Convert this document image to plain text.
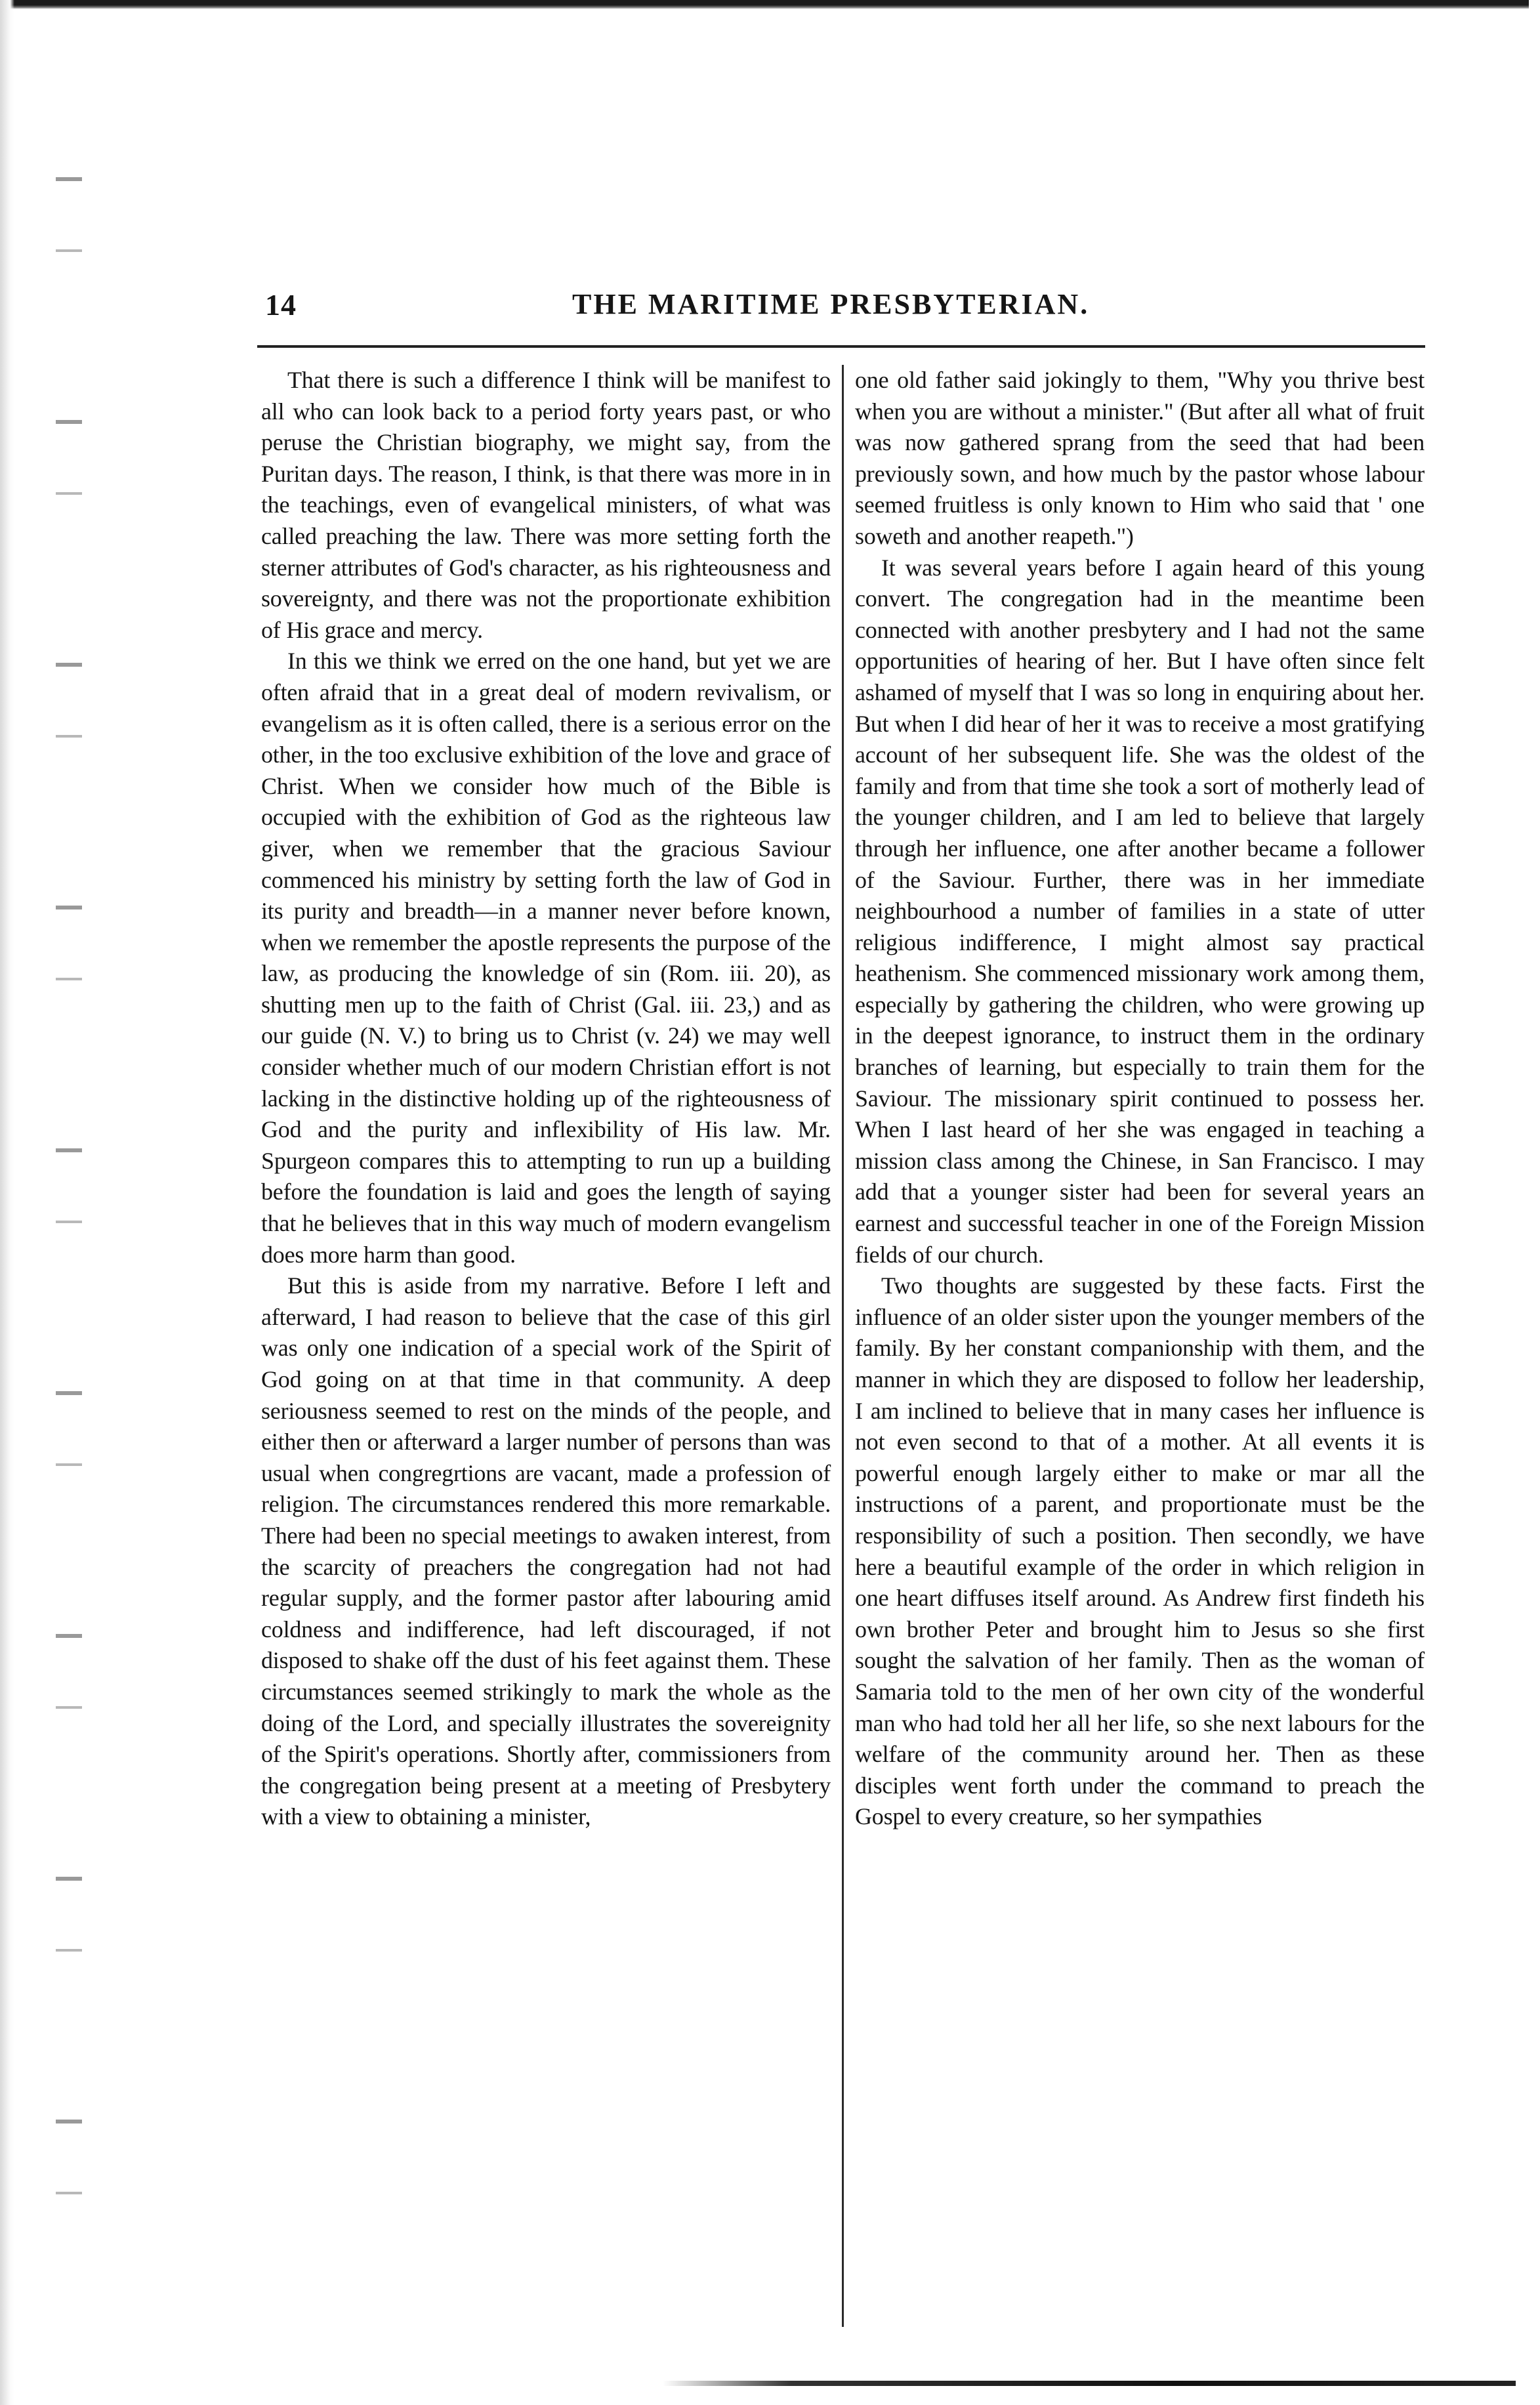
14	THE MARITIME PRESBYTERIAN.

That there is such a difference I think will be manifest to all who can look back to a period forty years past, or who peruse the Christian biography, we might say, from the Puritan days. The reason, I think, is that there was more in in the teachings, even of evangelical ministers, of what was called preaching the law. There was more setting forth the sterner attributes of God's character, as his righteousness and sovereignty, and there was not the proportionate exhibition of His grace and mercy.

In this we think we erred on the one hand, but yet we are often afraid that in a great deal of modern revivalism, or evangelism as it is often called, there is a serious error on the other, in the too exclusive exhibition of the love and grace of Christ. When we consider how much of the Bible is occupied with the exhibition of God as the righteous law giver, when we remember that the gracious Saviour commenced his ministry by setting forth the law of God in its purity and breadth—in a manner never before known, when we remember the apostle represents the purpose of the law, as producing the knowledge of sin (Rom. iii. 20), as shutting men up to the faith of Christ (Gal. iii. 23,) and as our guide (N. V.) to bring us to Christ (v. 24) we may well consider whether much of our modern Christian effort is not lacking in the distinctive holding up of the righteousness of God and the purity and inflexibility of His law. Mr. Spurgeon compares this to attempting to run up a building before the foundation is laid and goes the length of saying that he believes that in this way much of modern evangelism does more harm than good.

But this is aside from my narrative. Before I left and afterward, I had reason to believe that the case of this girl was only one indication of a special work of the Spirit of God going on at that time in that community. A deep seriousness seemed to rest on the minds of the people, and either then or afterward a larger number of persons than was usual when congregrtions are vacant, made a profession of religion. The circumstances rendered this more remarkable. There had been no special meetings to awaken interest, from the scarcity of preachers the congregation had not had regular supply, and the former pastor after labouring amid coldness and indifference, had left discouraged, if not disposed to shake off the dust of his feet against them. These circumstances seemed strikingly to mark the whole as the doing of the Lord, and specially illustrates the sovereignity of the Spirit's operations. Shortly after, commissioners from the congregation being present at a meeting of Presbytery with a view to obtaining a minister,

one old father said jokingly to them, "Why you thrive best when you are without a minister." (But after all what of fruit was now gathered sprang from the seed that had been previously sown, and how much by the pastor whose labour seemed fruitless is only known to Him who said that ' one soweth and another reapeth.")

It was several years before I again heard of this young convert. The congregation had in the meantime been connected with another presbytery and I had not the same opportunities of hearing of her. But I have often since felt ashamed of myself that I was so long in enquiring about her. But when I did hear of her it was to receive a most gratifying account of her subsequent life. She was the oldest of the family and from that time she took a sort of motherly lead of the younger children, and I am led to believe that largely through her influence, one after another became a follower of the Saviour. Further, there was in her immediate neighbourhood a number of families in a state of utter religious indifference, I might almost say practical heathenism. She commenced missionary work among them, especially by gathering the children, who were growing up in the deepest ignorance, to instruct them in the ordinary branches of learning, but especially to train them for the Saviour. The missionary spirit continued to possess her. When I last heard of her she was engaged in teaching a mission class among the Chinese, in San Francisco. I may add that a younger sister had been for several years an earnest and successful teacher in one of the Foreign Mission fields of our church.

Two thoughts are suggested by these facts. First the influence of an older sister upon the younger members of the family. By her constant companionship with them, and the manner in which they are disposed to follow her leadership, I am inclined to believe that in many cases her influence is not even second to that of a mother. At all events it is powerful enough largely either to make or mar all the instructions of a parent, and proportionate must be the responsibility of such a position. Then secondly, we have here a beautiful example of the order in which religion in one heart diffuses itself around. As Andrew first findeth his own brother Peter and brought him to Jesus so she first sought the salvation of her family. Then as the woman of Samaria told to the men of her own city of the wonderful man who had told her all her life, so she next labours for the welfare of the community around her. Then as these disciples went forth under the command to preach the Gospel to every creature, so her sympathies
